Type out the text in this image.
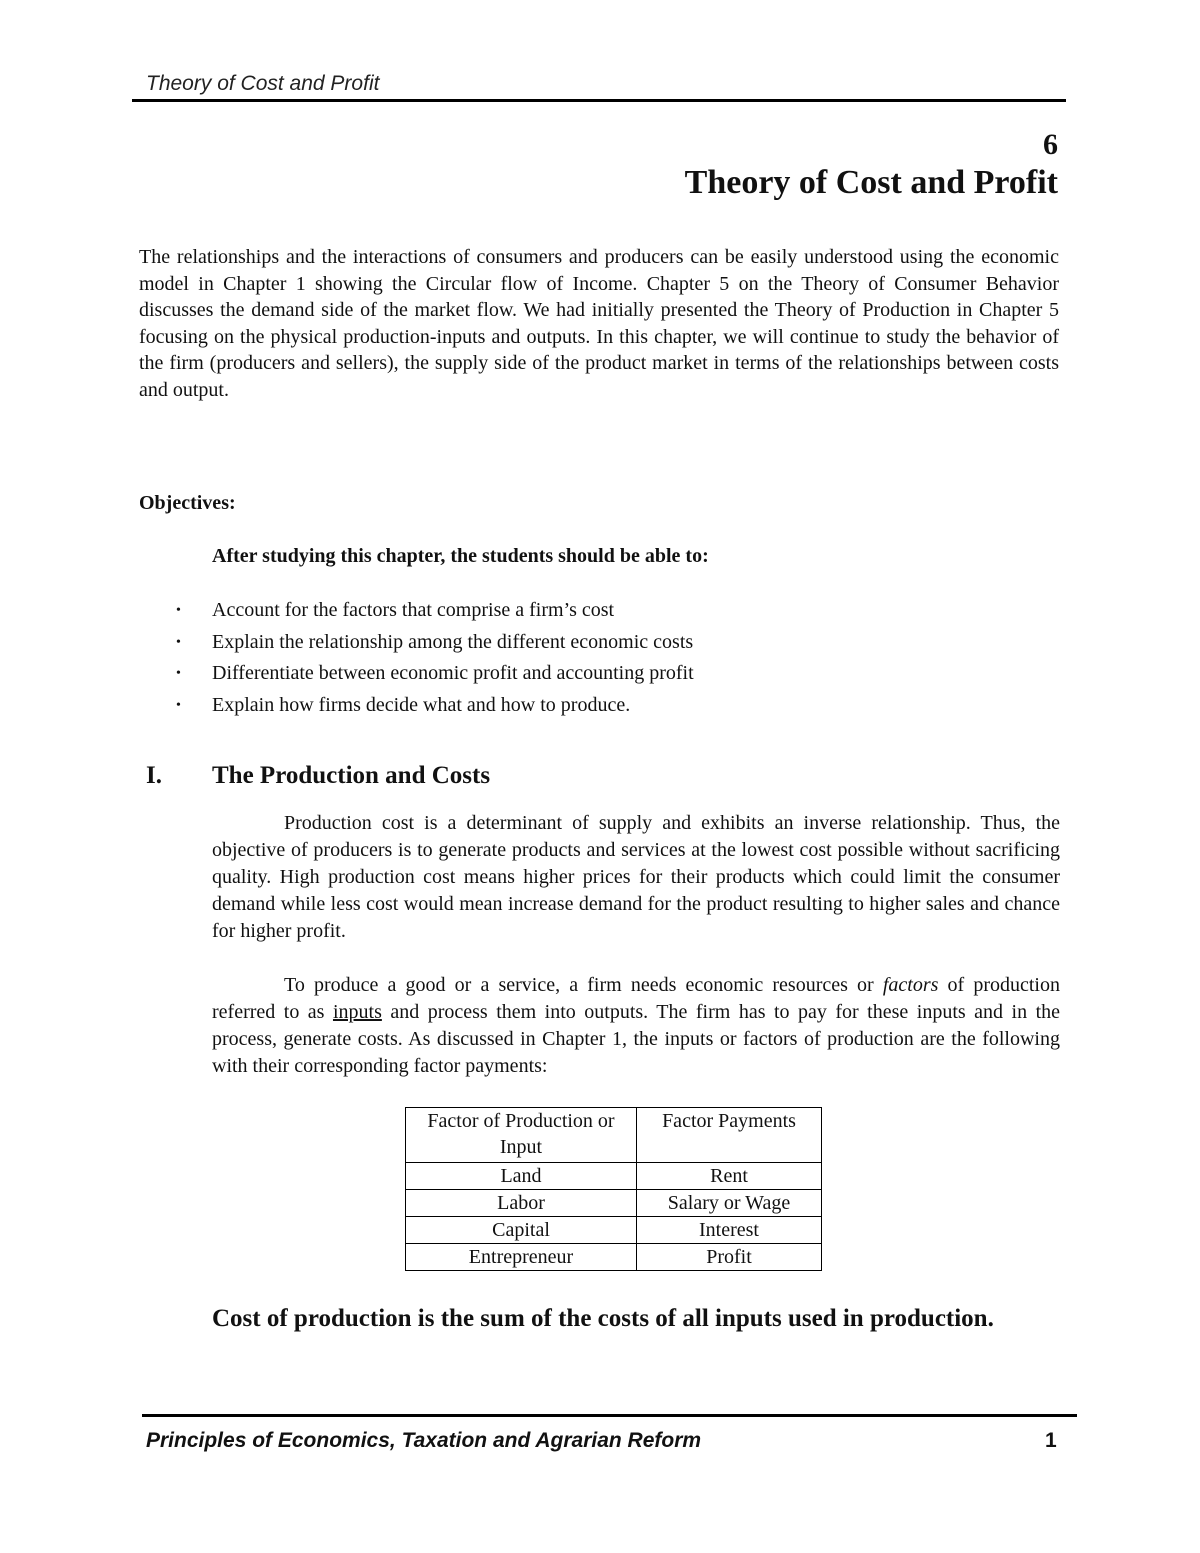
Theory of Cost and Profit
6
Theory of Cost and Profit

The relationships and the interactions of consumers and producers can be easily understood using the economic model in Chapter 1 showing the Circular flow of Income. Chapter 5 on the Theory of Consumer Behavior discusses the demand side of the market flow. We had initially presented the Theory of Production in Chapter 5 focusing on the physical production-inputs and outputs. In this chapter, we will continue to study the behavior of the firm (producers and sellers), the supply side of the product market in terms of the relationships between costs and output.

Objectives:
After studying this chapter, the students should be able to:
• Account for the factors that comprise a firm’s cost
• Explain the relationship among the different economic costs
• Differentiate between economic profit and accounting profit
• Explain how firms decide what and how to produce.
I. The Production and Costs

Production cost is a determinant of supply and exhibits an inverse relationship. Thus, the objective of producers is to generate products and services at the lowest cost possible without sacrificing quality. High production cost means higher prices for their products which could limit the consumer demand while less cost would mean increase demand for the product resulting to higher sales and chance for higher profit.

To produce a good or a service, a firm needs economic resources or factors of production referred to as inputs and process them into outputs. The firm has to pay for these inputs and in the process, generate costs. As discussed in Chapter 1, the inputs or factors of production are the following with their corresponding factor payments:

Factor of Production or Input	Factor Payments
Land	Rent
Labor	Salary or Wage
Capital	Interest
Entrepreneur	Profit
Cost of production is the sum of the costs of all inputs used in production.
Principles of Economics, Taxation and Agrarian Reform	1
